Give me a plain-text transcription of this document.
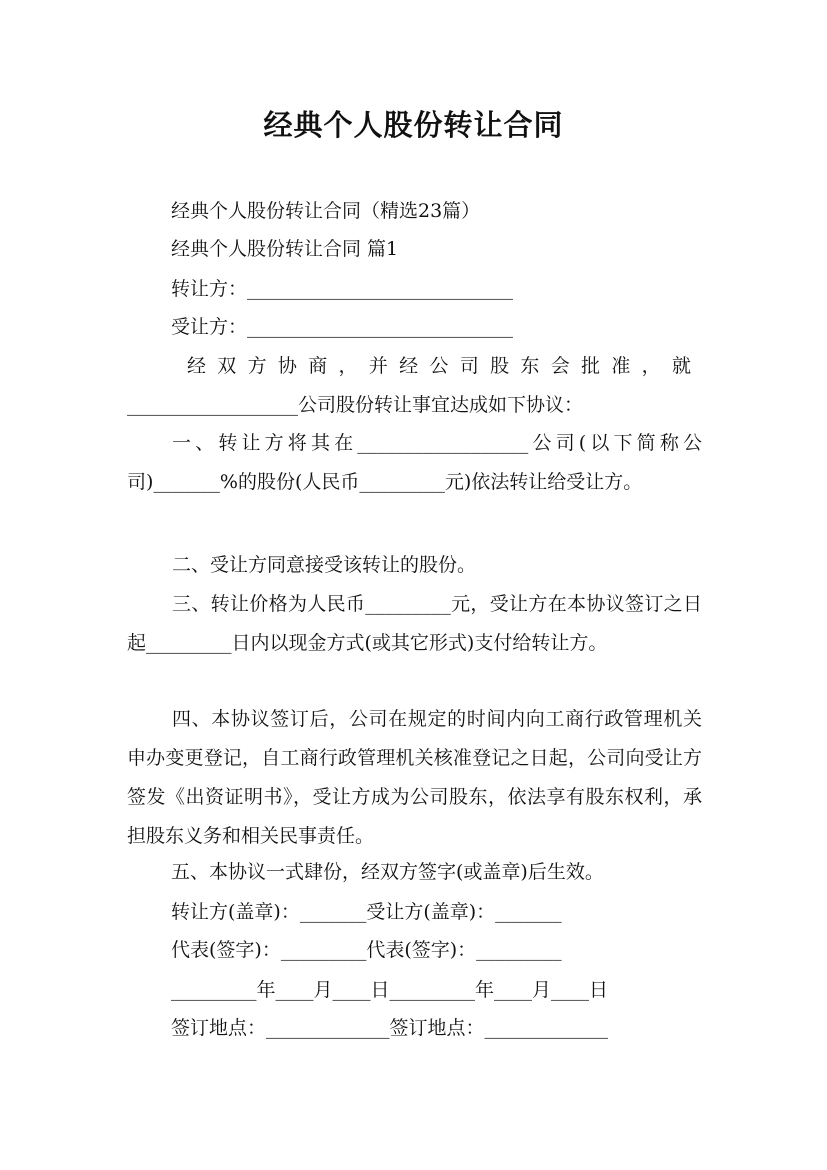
经典个人股份转让合同
经典个人股份转让合同（精选23篇）
经典个人股份转让合同 篇1
转让方：____________________________
受让方：____________________________
经双方协商，并经公司股东会批准，就
__________________公司股份转让事宜达成如下协议：
一、转让方将其在__________________公司(以下简称公司)_______%的股份(人民币_________元)依法转让给受让方。
二、受让方同意接受该转让的股份。
三、转让价格为人民币_________元，受让方在本协议签订之日起_________日内以现金方式(或其它形式)支付给转让方。
四、本协议签订后，公司在规定的时间内向工商行政管理机关申办变更登记，自工商行政管理机关核准登记之日起，公司向受让方签发《出资证明书》，受让方成为公司股东，依法享有股东权利，承担股东义务和相关民事责任。
五、本协议一式肆份，经双方签字(或盖章)后生效。
转让方(盖章)：_______受让方(盖章)：_______
代表(签字)：_________代表(签字)：_________
_________年____月____日_________年____月____日
签订地点：_____________签订地点：_____________
